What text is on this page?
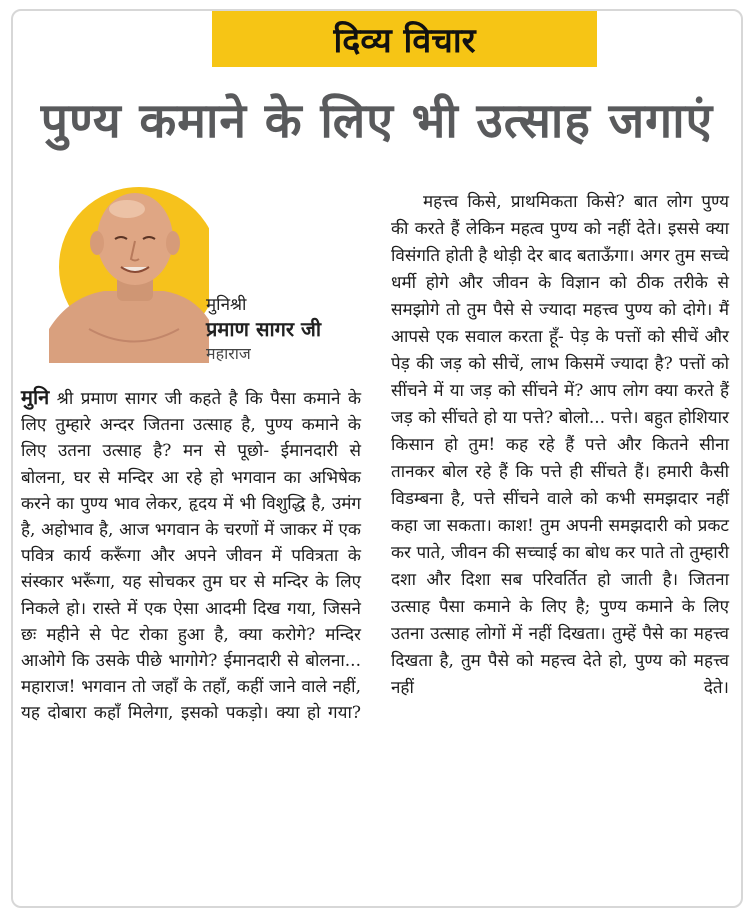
दिव्य विचार
पुण्य कमाने के लिए भी उत्साह जगाएं
मुनिश्री
प्रमाण सागर जी
महाराज
मुनि श्री प्रमाण सागर जी कहते है कि पैसा कमाने के लिए तुम्हारे अन्दर जितना उत्साह है, पुण्य कमाने के लिए उतना उत्साह है? मन से पूछो- ईमानदारी से बोलना, घर से मन्दिर आ रहे हो भगवान का अभिषेक करने का पुण्य भाव लेकर, हृदय में भी विशुद्धि है, उमंग है, अहोभाव है, आज भगवान के चरणों में जाकर में एक पवित्र कार्य करूँगा और अपने जीवन में पवित्रता के संस्कार भरूँगा, यह सोचकर तुम घर से मन्दिर के लिए निकले हो। रास्ते में एक ऐसा आदमी दिख गया, जिसने छः महीने से पेट रोका हुआ है, क्या करोगे? मन्दिर आओगे कि उसके पीछे भागोगे? ईमानदारी से बोलना... महाराज! भगवान तो जहाँ के तहाँ, कहीं जाने वाले नहीं, यह दोबारा कहाँ मिलेगा, इसको पकड़ो। क्या हो गया?
महत्त्व किसे, प्राथमिकता किसे? बात लोग पुण्य की करते हैं लेकिन महत्व पुण्य को नहीं देते। इससे क्या विसंगति होती है थोड़ी देर बाद बताऊँगा। अगर तुम सच्चे धर्मी होगे और जीवन के विज्ञान को ठीक तरीके से समझोगे तो तुम पैसे से ज्यादा महत्त्व पुण्य को दोगे। मैं आपसे एक सवाल करता हूँ- पेड़ के पत्तों को सीचें और पेड़ की जड़ को सीचें, लाभ किसमें ज्यादा है? पत्तों को सींचने में या जड़ को सींचने में? आप लोग क्या करते हैं जड़ को सींचते हो या पत्ते? बोलो... पत्ते। बहुत होशियार किसान हो तुम! कह रहे हैं पत्ते और कितने सीना तानकर बोल रहे हैं कि पत्ते ही सींचते हैं। हमारी कैसी विडम्बना है, पत्ते सींचने वाले को कभी समझदार नहीं कहा जा सकता। काश! तुम अपनी समझदारी को प्रकट कर पाते, जीवन की सच्चाई का बोध कर पाते तो तुम्हारी दशा और दिशा सब परिवर्तित हो जाती है। जितना उत्साह पैसा कमाने के लिए है; पुण्य कमाने के लिए उतना उत्साह लोगों में नहीं दिखता। तुम्हें पैसे का महत्त्व दिखता है, तुम पैसे को महत्त्व देते हो, पुण्य को महत्त्व नहीं देते।
